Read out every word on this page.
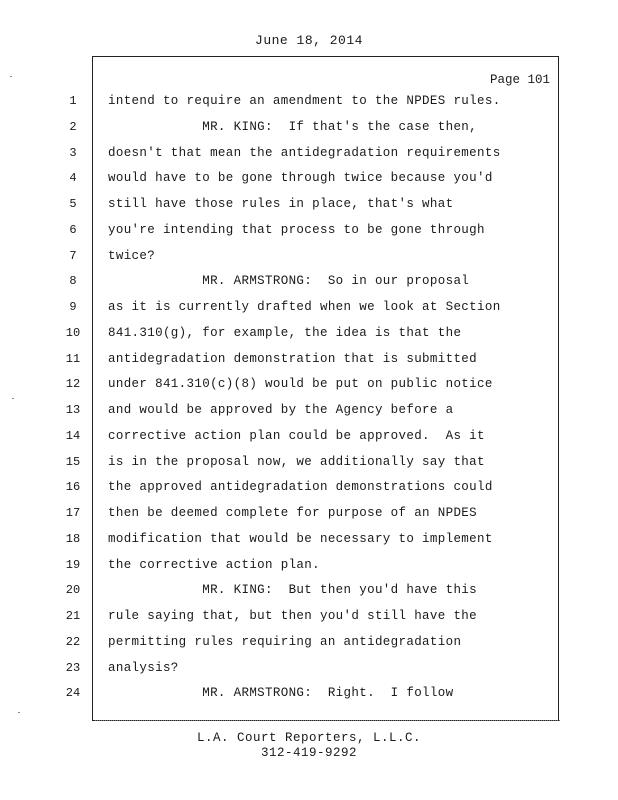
June 18, 2014
Page 101
1	intend to require an amendment to the NPDES rules.
2	MR. KING:  If that's the case then,
3	doesn't that mean the antidegradation requirements
4	would have to be gone through twice because you'd
5	still have those rules in place, that's what
6	you're intending that process to be gone through
7	twice?
8	MR. ARMSTRONG:  So in our proposal
9	as it is currently drafted when we look at Section
10	841.310(g), for example, the idea is that the
11	antidegradation demonstration that is submitted
12	under 841.310(c)(8) would be put on public notice
13	and would be approved by the Agency before a
14	corrective action plan could be approved.  As it
15	is in the proposal now, we additionally say that
16	the approved antidegradation demonstrations could
17	then be deemed complete for purpose of an NPDES
18	modification that would be necessary to implement
19	the corrective action plan.
20	MR. KING:  But then you'd have this
21	rule saying that, but then you'd still have the
22	permitting rules requiring an antidegradation
23	analysis?
24	MR. ARMSTRONG:  Right.  I follow
L.A. Court Reporters, L.L.C.
312-419-9292
